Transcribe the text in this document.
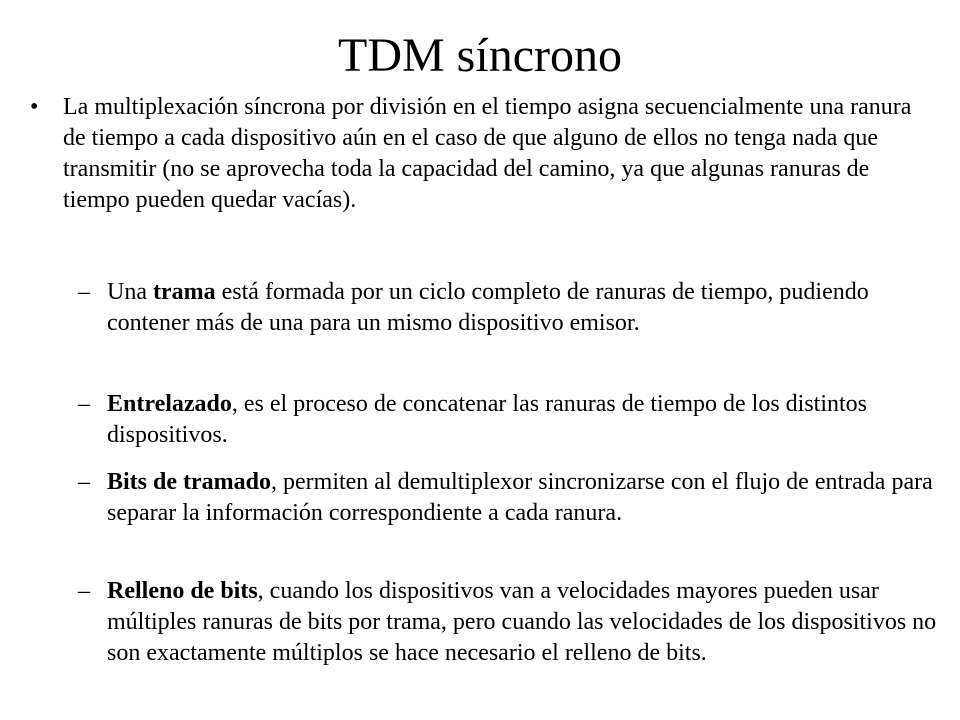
TDM síncrono
• La multiplexación síncrona por división en el tiempo asigna secuencialmente una ranura de tiempo a cada dispositivo aún en el caso de que alguno de ellos no tenga nada que transmitir (no se aprovecha toda la capacidad del camino, ya que algunas ranuras de tiempo pueden quedar vacías).
– Una trama está formada por un ciclo completo de ranuras de tiempo, pudiendo contener más de una para un mismo dispositivo emisor.
– Entrelazado, es el proceso de concatenar las ranuras de tiempo de los distintos dispositivos.
– Bits de tramado, permiten al demultiplexor sincronizarse con el flujo de entrada para separar la información correspondiente a cada ranura.
– Relleno de bits, cuando los dispositivos van a velocidades mayores pueden usar múltiples ranuras de bits por trama, pero cuando las velocidades de los dispositivos no son exactamente múltiplos se hace necesario el relleno de bits.
